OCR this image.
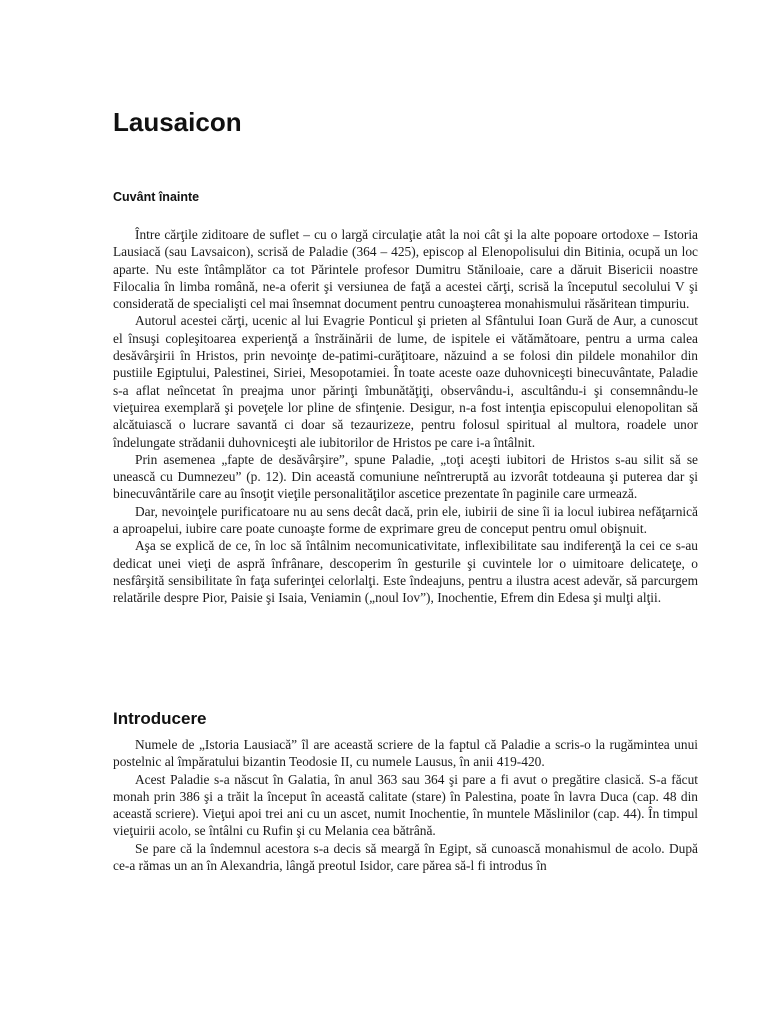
Lausaicon
Cuvânt înainte

Între cărţile ziditoare de suflet – cu o largă circulaţie atât la noi cât şi la alte popoare ortodoxe – Istoria Lausiacă (sau Lavsaicon), scrisă de Paladie (364 – 425), episcop al Elenopolisului din Bitinia, ocupă un loc aparte. Nu este întâmplător ca tot Părintele profesor Dumitru Stăniloaie, care a dăruit Bisericii noastre Filocalia în limba română, ne-a oferit şi versiunea de faţă a acestei cărţi, scrisă la începutul secolului V şi considerată de specialişti cel mai însemnat document pentru cunoaşterea monahismului răsăritean timpuriu.

Autorul acestei cărţi, ucenic al lui Evagrie Ponticul şi prieten al Sfântului Ioan Gură de Aur, a cunoscut el însuşi copleşitoarea experienţă a înstrăinării de lume, de ispitele ei vătămătoare, pentru a urma calea desăvârşirii în Hristos, prin nevoinţe de-patimi-curăţitoare, năzuind a se folosi din pildele monahilor din pustiile Egiptului, Palestinei, Siriei, Mesopotamiei. În toate aceste oaze duhovniceşti binecuvântate, Paladie s-a aflat neîncetat în preajma unor părinţi îmbunătăţiţi, observându-i, ascultându-i şi consemnându-le vieţuirea exemplară şi poveţele lor pline de sfinţenie. Desigur, n-a fost intenţia episcopului elenopolitan să alcătuiască o lucrare savantă ci doar să tezaurizeze, pentru folosul spiritual al multora, roadele unor îndelungate strădanii duhovniceşti ale iubitorilor de Hristos pe care i-a întâlnit.

Prin asemenea „fapte de desăvârşire”, spune Paladie, „toţi aceşti iubitori de Hristos s-au silit să se unească cu Dumnezeu” (p. 12). Din această comuniune neîntreruptă au izvorât totdeauna şi puterea dar şi binecuvântările care au însoţit vieţile personalităţilor ascetice prezentate în paginile care urmează.

Dar, nevoinţele purificatoare nu au sens decât dacă, prin ele, iubirii de sine îi ia locul iubirea nefăţarnică a aproapelui, iubire care poate cunoaşte forme de exprimare greu de conceput pentru omul obişnuit.

Aşa se explică de ce, în loc să întâlnim necomunicativitate, inflexibilitate sau indiferenţă la cei ce s-au dedicat unei vieţi de aspră înfrânare, descoperim în gesturile şi cuvintele lor o uimitoare delicateţe, o nesfârşită sensibilitate în faţa suferinţei celorlalţi. Este îndeajuns, pentru a ilustra acest adevăr, să parcurgem relatările despre Pior, Paisie şi Isaia, Veniamin („noul Iov”), Inochentie, Efrem din Edesa şi mulţi alţii.

Introducere

Numele de „Istoria Lausiacă” îl are această scriere de la faptul că Paladie a scris-o la rugămintea unui postelnic al împăratului bizantin Teodosie II, cu numele Lausus, în anii 419-420.

Acest Paladie s-a născut în Galatia, în anul 363 sau 364 şi pare a fi avut o pregătire clasică. S-a făcut monah prin 386 şi a trăit la început în această calitate (stare) în Palestina, poate în lavra Duca (cap. 48 din această scriere). Vieţui apoi trei ani cu un ascet, numit Inochentie, în muntele Măslinilor (cap. 44). În timpul vieţuirii acolo, se întâlni cu Rufin şi cu Melania cea bătrână.

Se pare că la îndemnul acestora s-a decis să meargă în Egipt, să cunoască monahismul de acolo. După ce-a rămas un an în Alexandria, lângă preotul Isidor, care părea să-l fi introdus în
